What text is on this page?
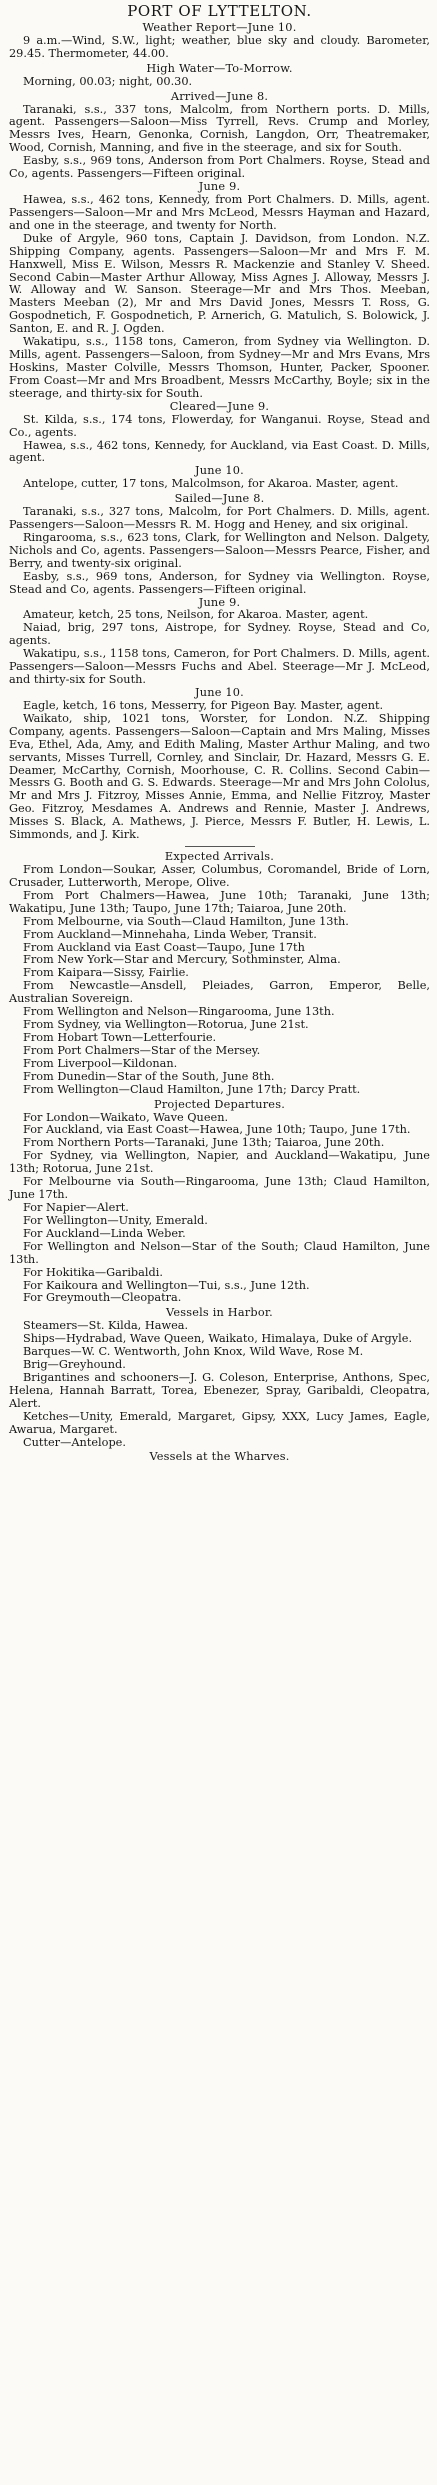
PORT OF LYTTELTON.
Weather Report—June 10.

9 a.m.—Wind, S.W., light; weather, blue sky and cloudy. Barometer, 29.45. Thermometer, 44.00.

High Water—To-Morrow.

Morning, 00.03; night, 00.30.

Arrived—June 8.

Taranaki, s.s., 337 tons, Malcolm, from Northern ports. D. Mills, agent. Passengers—Saloon—Miss Tyrrell, Revs. Crump and Morley, Messrs Ives, Hearn, Genonka, Cornish, Langdon, Orr, Theatremaker, Wood, Cornish, Manning, and five in the steerage, and six for South.

Easby, s.s., 969 tons, Anderson from Port Chalmers. Royse, Stead and Co, agents. Passengers—Fifteen original.

June 9.

Hawea, s.s., 462 tons, Kennedy, from Port Chalmers. D. Mills, agent. Passengers—Saloon—Mr and Mrs McLeod, Messrs Hayman and Hazard, and one in the steerage, and twenty for North.

Duke of Argyle, 960 tons, Captain J. Davidson, from London. N.Z. Shipping Company, agents. Passengers—Saloon—Mr and Mrs F. M. Hanxwell, Miss E. Wilson, Messrs R. Mackenzie and Stanley V. Sheed. Second Cabin—Master Arthur Alloway, Miss Agnes J. Alloway, Messrs J. W. Alloway and W. Sanson. Steerage—Mr and Mrs Thos. Meeban, Masters Meeban (2), Mr and Mrs David Jones, Messrs T. Ross, G. Gospodnetich, F. Gospodnetich, P. Arnerich, G. Matulich, S. Bolowick, J. Santon, E. and R. J. Ogden.

Wakatipu, s.s., 1158 tons, Cameron, from Sydney via Wellington. D. Mills, agent. Passengers—Saloon, from Sydney—Mr and Mrs Evans, Mrs Hoskins, Master Colville, Messrs Thomson, Hunter, Packer, Spooner. From Coast—Mr and Mrs Broadbent, Messrs McCarthy, Boyle; six in the steerage, and thirty-six for South.

Cleared—June 9.

St. Kilda, s.s., 174 tons, Flowerday, for Wanganui. Royse, Stead and Co., agents.

Hawea, s.s., 462 tons, Kennedy, for Auckland, via East Coast. D. Mills, agent.

June 10.

Antelope, cutter, 17 tons, Malcolmson, for Akaroa. Master, agent.

Sailed—June 8.

Taranaki, s.s., 327 tons, Malcolm, for Port Chalmers. D. Mills, agent. Passengers—Saloon—Messrs R. M. Hogg and Heney, and six original.

Ringarooma, s.s., 623 tons, Clark, for Wellington and Nelson. Dalgety, Nichols and Co, agents. Passengers—Saloon—Messrs Pearce, Fisher, and Berry, and twenty-six original.

Easby, s.s., 969 tons, Anderson, for Sydney via Wellington. Royse, Stead and Co, agents. Passengers—Fifteen original.

June 9.

Amateur, ketch, 25 tons, Neilson, for Akaroa. Master, agent.

Naiad, brig, 297 tons, Aistrope, for Sydney. Royse, Stead and Co, agents.

Wakatipu, s.s., 1158 tons, Cameron, for Port Chalmers. D. Mills, agent. Passengers—Saloon—Messrs Fuchs and Abel. Steerage—Mr J. McLeod, and thirty-six for South.

June 10.

Eagle, ketch, 16 tons, Messerry, for Pigeon Bay. Master, agent.

Waikato, ship, 1021 tons, Worster, for London. N.Z. Shipping Company, agents. Passengers—Saloon—Captain and Mrs Maling, Misses Eva, Ethel, Ada, Amy, and Edith Maling, Master Arthur Maling, and two servants, Misses Turrell, Cornley, and Sinclair, Dr. Hazard, Messrs G. E. Deamer, McCarthy, Cornish, Moorhouse, C. R. Collins. Second Cabin—Messrs G. Booth and G. S. Edwards. Steerage—Mr and Mrs John Cololus, Mr and Mrs J. Fitzroy, Misses Annie, Emma, and Nellie Fitzroy, Master Geo. Fitzroy, Mesdames A. Andrews and Rennie, Master J. Andrews, Misses S. Black, A. Mathews, J. Pierce, Messrs F. Butler, H. Lewis, L. Simmonds, and J. Kirk.

Expected Arrivals.

From London—Soukar, Asser, Columbus, Coromandel, Bride of Lorn, Crusader, Lutterworth, Merope, Olive.

From Port Chalmers—Hawea, June 10th; Taranaki, June 13th; Wakatipu, June 13th; Taupo, June 17th; Taiaroa, June 20th.

From Melbourne, via South—Claud Hamilton, June 13th.

From Auckland—Minnehaha, Linda Weber, Transit.

From Auckland via East Coast—Taupo, June 17th

From New York—Star and Mercury, Sothminster, Alma.

From Kaipara—Sissy, Fairlie.

From Newcastle—Ansdell, Pleiades, Garron, Emperor, Belle, Australian Sovereign.

From Wellington and Nelson—Ringarooma, June 13th.

From Sydney, via Wellington—Rotorua, June 21st.

From Hobart Town—Letterfourie.

From Port Chalmers—Star of the Mersey.

From Liverpool—Kildonan.

From Dunedin—Star of the South, June 8th.

From Wellington—Claud Hamilton, June 17th; Darcy Pratt.

Projected Departures.

For London—Waikato, Wave Queen.

For Auckland, via East Coast—Hawea, June 10th; Taupo, June 17th.

From Northern Ports—Taranaki, June 13th; Taiaroa, June 20th.

For Sydney, via Wellington, Napier, and Auckland—Wakatipu, June 13th; Rotorua, June 21st.

For Melbourne via South—Ringarooma, June 13th; Claud Hamilton, June 17th.

For Napier—Alert.

For Wellington—Unity, Emerald.

For Auckland—Linda Weber.

For Wellington and Nelson—Star of the South; Claud Hamilton, June 13th.

For Hokitika—Garibaldi.

For Kaikoura and Wellington—Tui, s.s., June 12th.

For Greymouth—Cleopatra.

Vessels in Harbor.

Steamers—St. Kilda, Hawea.

Ships—Hydrabad, Wave Queen, Waikato, Himalaya, Duke of Argyle.

Barques—W. C. Wentworth, John Knox, Wild Wave, Rose M.

Brig—Greyhound.

Brigantines and schooners—J. G. Coleson, Enterprise, Anthons, Spec, Helena, Hannah Barratt, Torea, Ebenezer, Spray, Garibaldi, Cleopatra, Alert.

Ketches—Unity, Emerald, Margaret, Gipsy, XXX, Lucy James, Eagle, Awarua, Margaret.

Cutter—Antelope.

Vessels at the Wharves.
